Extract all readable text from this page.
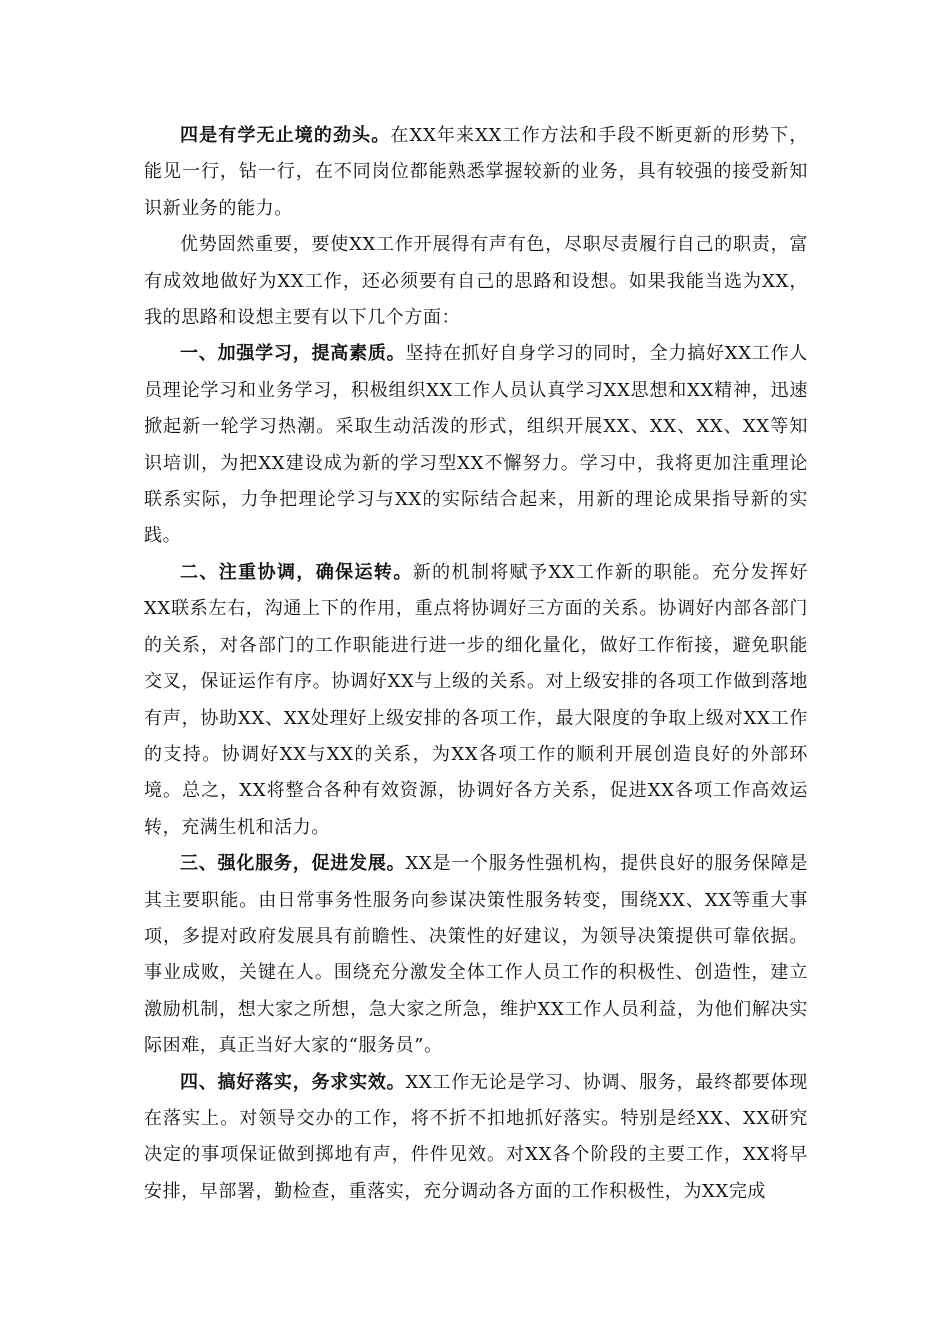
四是有学无止境的劲头。在XX年来XX工作方法和手段不断更新的形势下，能见一行，钻一行，在不同岗位都能熟悉掌握较新的业务，具有较强的接受新知识新业务的能力。

优势固然重要，要使XX工作开展得有声有色，尽职尽责履行自己的职责，富有成效地做好为XX工作，还必须要有自己的思路和设想。如果我能当选为XX，我的思路和设想主要有以下几个方面：

一、加强学习，提高素质。坚持在抓好自身学习的同时，全力搞好XX工作人员理论学习和业务学习，积极组织XX工作人员认真学习XX思想和XX精神，迅速掀起新一轮学习热潮。采取生动活泼的形式，组织开展XX、XX、XX、XX等知识培训，为把XX建设成为新的学习型XX不懈努力。学习中，我将更加注重理论联系实际，力争把理论学习与XX的实际结合起来，用新的理论成果指导新的实践。

二、注重协调，确保运转。新的机制将赋予XX工作新的职能。充分发挥好XX联系左右，沟通上下的作用，重点将协调好三方面的关系。协调好内部各部门的关系，对各部门的工作职能进行进一步的细化量化，做好工作衔接，避免职能交叉，保证运作有序。协调好XX与上级的关系。对上级安排的各项工作做到落地有声，协助XX、XX处理好上级安排的各项工作，最大限度的争取上级对XX工作的支持。协调好XX与XX的关系，为XX各项工作的顺利开展创造良好的外部环境。总之，XX将整合各种有效资源，协调好各方关系，促进XX各项工作高效运转，充满生机和活力。

三、强化服务，促进发展。XX是一个服务性强机构，提供良好的服务保障是其主要职能。由日常事务性服务向参谋决策性服务转变，围绕XX、XX等重大事项，多提对政府发展具有前瞻性、决策性的好建议，为领导决策提供可靠依据。事业成败，关键在人。围绕充分激发全体工作人员工作的积极性、创造性，建立激励机制，想大家之所想，急大家之所急，维护XX工作人员利益，为他们解决实际困难，真正当好大家的“服务员”。

四、搞好落实，务求实效。XX工作无论是学习、协调、服务，最终都要体现在落实上。对领导交办的工作，将不折不扣地抓好落实。特别是经XX、XX研究决定的事项保证做到掷地有声，件件见效。对XX各个阶段的主要工作，XX将早安排，早部署，勤检查，重落实，充分调动各方面的工作积极性，为XX完成
